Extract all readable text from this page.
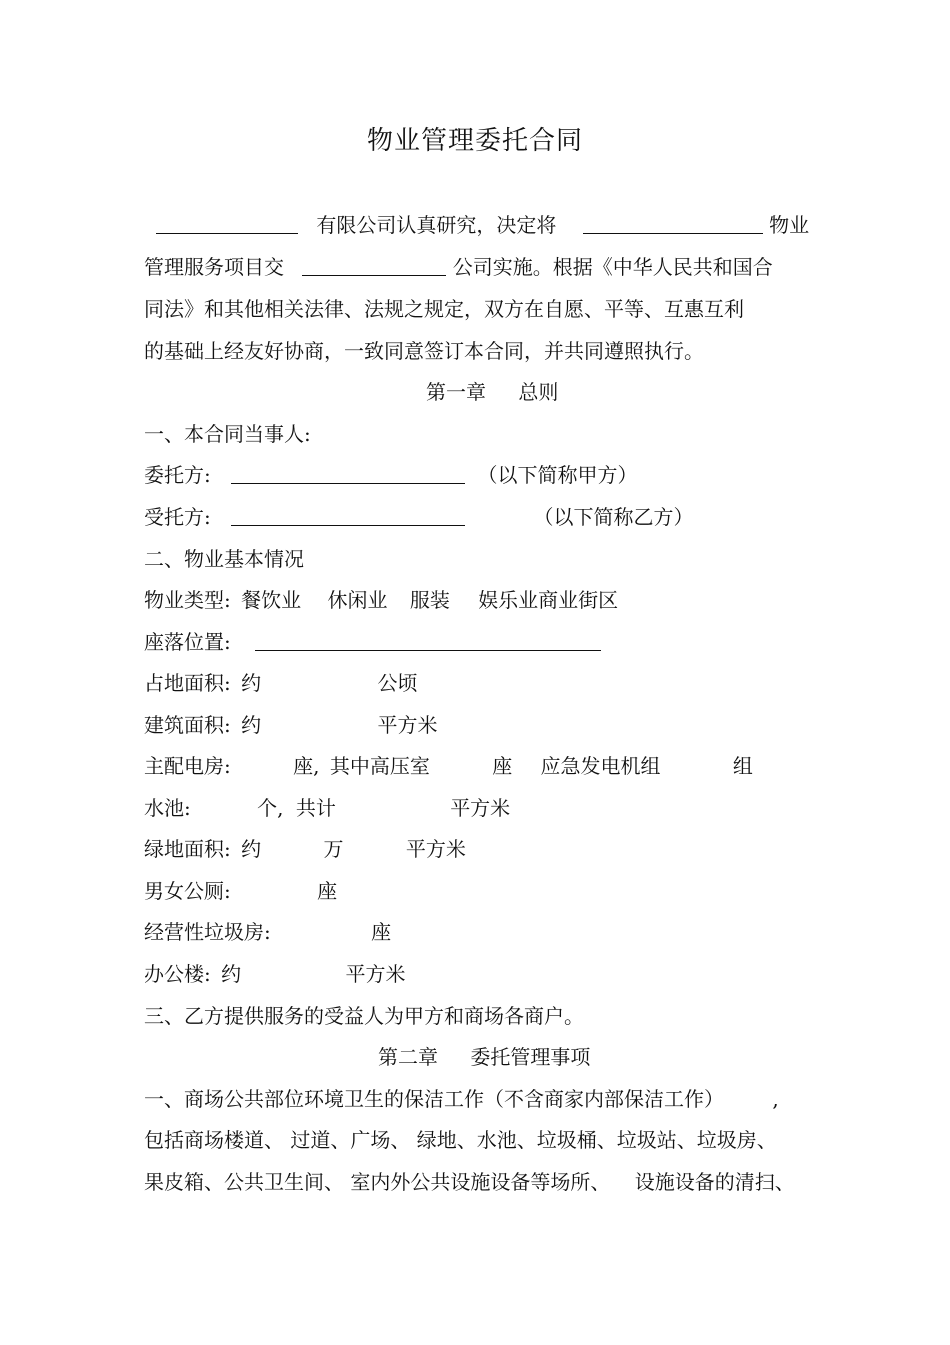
物业管理委托合同
有限公司认真研究，决定将	物业
管理服务项目交	公司实施。根据《中华人民共和国合
同法》和其他相关法律、法规之规定，双方在自愿、平等、互惠互利
的基础上经友好协商，一致同意签订本合同，并共同遵照执行。
第一章 总则
一、本合同当事人:
委托方:	（以下简称甲方）
受托方:	（以下简称乙方）
二、物业基本情况
物业类型: 餐饮业 休闲业 服装 娱乐业商业街区
座落位置:
占地面积: 约	公顷
建筑面积: 约	平方米
主配电房:	座, 其中高压室	座 应急发电机组	组
水池:	个, 共计	平方米
绿地面积: 约	万	平方米
男女公厕:	座
经营性垃圾房:	座
办公楼: 约	平方米
三、乙方提供服务的受益人为甲方和商场各商户。
第二章 委托管理事项
一、商场公共部位环境卫生的保洁工作（不含商家内部保洁工作） ,
包括商场楼道、 过道、广场、 绿地、水池、垃圾桶、垃圾站、垃圾房、
果皮箱、公共卫生间、 室内外公共设施设备等场所、 设施设备的清扫、
